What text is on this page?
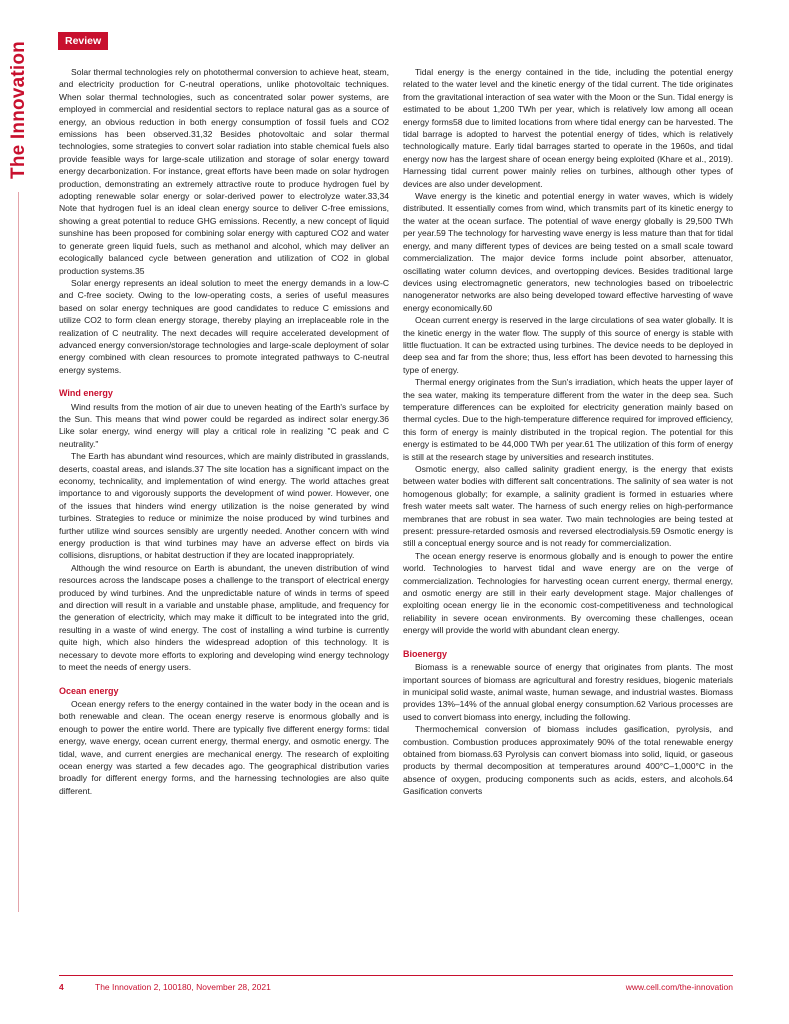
The Innovation
Review

Solar thermal technologies rely on photothermal conversion to achieve heat, steam, and electricity production for C-neutral operations, unlike photovoltaic techniques. When solar thermal technologies, such as concentrated solar power systems, are employed in commercial and residential sectors to replace natural gas as a source of energy, an obvious reduction in both energy consumption of fossil fuels and CO2 emissions has been observed.31,32 Besides photovoltaic and solar thermal technologies, some strategies to convert solar radiation into stable chemical fuels also provide feasible ways for large-scale utilization and storage of solar energy toward energy decarbonization. For instance, great efforts have been made on solar hydrogen production, demonstrating an extremely attractive route to produce hydrogen fuel by adopting renewable solar energy or solar-derived power to electrolyze water.33,34 Note that hydrogen fuel is an ideal clean energy source to deliver C-free emissions, showing a great potential to reduce GHG emissions. Recently, a new concept of liquid sunshine has been proposed for combining solar energy with captured CO2 and water to generate green liquid fuels, such as methanol and alcohol, which may deliver an ecologically balanced cycle between generation and utilization of CO2 in global production systems.35

Solar energy represents an ideal solution to meet the energy demands in a low-C and C-free society. Owing to the low-operating costs, a series of useful measures based on solar energy techniques are good candidates to reduce C emissions and utilize CO2 to form clean energy storage, thereby playing an irreplaceable role in the realization of C neutrality. The next decades will require accelerated development of advanced energy conversion/storage technologies and large-scale deployment of solar energy combined with clean resources to promote integrated pathways to C-neutral energy systems.

Wind energy

Wind results from the motion of air due to uneven heating of the Earth's surface by the Sun. This means that wind power could be regarded as indirect solar energy.36 Like solar energy, wind energy will play a critical role in realizing "C peak and C neutrality."

The Earth has abundant wind resources, which are mainly distributed in grasslands, deserts, coastal areas, and islands.37 The site location has a significant impact on the economy, technicality, and implementation of wind energy. The world attaches great importance to and vigorously supports the development of wind power. However, one of the issues that hinders wind energy utilization is the noise generated by wind turbines. Strategies to reduce or minimize the noise produced by wind turbines and further utilize wind sources sensibly are urgently needed. Another concern with wind energy production is that wind turbines may have an adverse effect on birds via collisions, disruptions, or habitat destruction if they are located inappropriately.

Although the wind resource on Earth is abundant, the uneven distribution of wind resources across the landscape poses a challenge to the transport of electrical energy produced by wind turbines. And the unpredictable nature of winds in terms of speed and direction will result in a variable and unstable phase, amplitude, and frequency for the generation of electricity, which may make it difficult to be integrated into the grid, resulting in a waste of wind energy. The cost of installing a wind turbine is currently quite high, which also hinders the widespread adoption of this technology. It is necessary to devote more efforts to exploring and developing wind energy technology to meet the needs of energy users.

Ocean energy

Ocean energy refers to the energy contained in the water body in the ocean and is both renewable and clean. The ocean energy reserve is enormous globally and is enough to power the entire world. There are typically five different energy forms: tidal energy, wave energy, ocean current energy, thermal energy, and osmotic energy. The tidal, wave, and current energies are mechanical energy. The research of exploiting ocean energy was started a few decades ago. The geographical distribution varies broadly for different energy forms, and the harnessing technologies are also quite different.

Tidal energy is the energy contained in the tide, including the potential energy related to the water level and the kinetic energy of the tidal current. The tide originates from the gravitational interaction of sea water with the Moon or the Sun. Tidal energy is estimated to be about 1,200 TWh per year, which is relatively low among all ocean energy forms58 due to limited locations from where tidal energy can be harvested. The tidal barrage is adopted to harvest the potential energy of tides, which is relatively technologically mature. Early tidal barrages started to operate in the 1960s, and tidal energy now has the largest share of ocean energy being exploited (Khare et al., 2019). Harnessing tidal current power mainly relies on turbines, although other types of devices are also under development.

Wave energy is the kinetic and potential energy in water waves, which is widely distributed. It essentially comes from wind, which transmits part of its kinetic energy to the water at the ocean surface. The potential of wave energy globally is 29,500 TWh per year.59 The technology for harvesting wave energy is less mature than that for tidal energy, and many different types of devices are being tested on a small scale toward commercialization. The major device forms include point absorber, attenuator, oscillating water column devices, and overtopping devices. Besides traditional large devices using electromagnetic generators, new technologies based on triboelectric nanogenerator networks are also being developed toward effective harvesting of wave energy economically.60

Ocean current energy is reserved in the large circulations of sea water globally. It is the kinetic energy in the water flow. The supply of this source of energy is stable with little fluctuation. It can be extracted using turbines. The device needs to be deployed in deep sea and far from the shore; thus, less effort has been devoted to harnessing this type of energy.

Thermal energy originates from the Sun's irradiation, which heats the upper layer of the sea water, making its temperature different from the water in the deep sea. Such temperature differences can be exploited for electricity generation mainly based on thermal cycles. Due to the high-temperature difference required for improved efficiency, this form of energy is mainly distributed in the tropical region. The potential for this energy is estimated to be 44,000 TWh per year.61 The utilization of this form of energy is still at the research stage by universities and research institutes.

Osmotic energy, also called salinity gradient energy, is the energy that exists between water bodies with different salt concentrations. The salinity of sea water is not homogenous globally; for example, a salinity gradient is formed in estuaries where fresh water meets salt water. The harness of such energy relies on high-performance membranes that are robust in sea water. Two main technologies are being tested at present: pressure-retarded osmosis and reversed electrodialysis.59 Osmotic energy is still a conceptual energy source and is not ready for commercialization.

The ocean energy reserve is enormous globally and is enough to power the entire world. Technologies to harvest tidal and wave energy are on the verge of commercialization. Technologies for harvesting ocean current energy, thermal energy, and osmotic energy are still in their early development stage. Major challenges of exploiting ocean energy lie in the economic cost-competitiveness and technological reliability in severe ocean environments. By overcoming these challenges, ocean energy will provide the world with abundant clean energy.

Bioenergy

Biomass is a renewable source of energy that originates from plants. The most important sources of biomass are agricultural and forestry residues, biogenic materials in municipal solid waste, animal waste, human sewage, and industrial wastes. Biomass provides 13%–14% of the annual global energy consumption.62 Various processes are used to convert biomass into energy, including the following.

Thermochemical conversion of biomass includes gasification, pyrolysis, and combustion. Combustion produces approximately 90% of the total renewable energy obtained from biomass.63 Pyrolysis can convert biomass into solid, liquid, or gaseous products by thermal decomposition at temperatures around 400°C–1,000°C in the absence of oxygen, producing components such as acids, esters, and alcohols.64 Gasification converts

4	The Innovation 2, 100180, November 28, 2021	www.cell.com/the-innovation
